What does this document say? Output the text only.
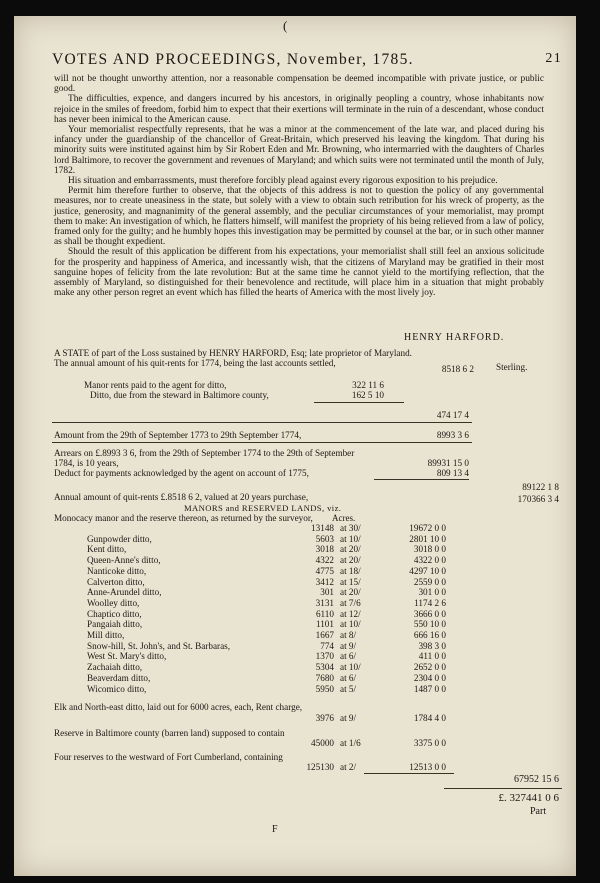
(
VOTES AND PROCEEDINGS, November, 1785.	21

will not be thought unworthy attention, nor a reasonable compensation be deemed incompatible with private justice, or public good.

The difficulties, expence, and dangers incurred by his ancestors, in originally peopling a country, whose inhabitants now rejoice in the smiles of freedom, forbid him to expect that their exertions will terminate in the ruin of a descendant, whose conduct has never been inimical to the American cause.

Your memorialist respectfully represents, that he was a minor at the commencement of the late war, and placed during his infancy under the guardianship of the chancellor of Great-Britain, which preserved his leaving the kingdom. That during his minority suits were instituted against him by Sir Robert Eden and Mr. Browning, who intermarried with the daughters of Charles lord Baltimore, to recover the government and revenues of Maryland; and which suits were not terminated until the month of July, 1782.

His situation and embarrassments, must therefore forcibly plead against every rigorous exposition to his prejudice.

Permit him therefore further to observe, that the objects of this address is not to question the policy of any governmental measures, nor to create uneasiness in the state, but solely with a view to obtain such retribution for his wreck of property, as the justice, generosity, and magnanimity of the general assembly, and the peculiar circumstances of your memorialist, may prompt them to make: An investigation of which, he flatters himself, will manifest the propriety of his being relieved from a law of policy, framed only for the guilty; and he humbly hopes this investigation may be permitted by counsel at the bar, or in such other manner as shall be thought expedient.

Should the result of this application be different from his expectations, your memorialist shall still feel an anxious solicitude for the prosperity and happiness of America, and incessantly wish, that the citizens of Maryland may be gratified in their most sanguine hopes of felicity from the late revolution: But at the same time he cannot yield to the mortifying reflection, that the assembly of Maryland, so distinguished for their benevolence and rectitude, will place him in a situation that might probably make any other person regret an event which has filled the hearts of America with the most lively joy.

HENRY HARFORD.
A STATE of part of the Loss sustained by HENRY HARFORD, Esq; late proprietor of Maryland.
The annual amount of his quit-rents for 1774, being the last accounts settled,
8518 6 2 Sterling.
Manor rents paid to the agent for ditto,	322 11 6
Ditto, due from the steward in Baltimore county,	162 5 10
474 17 4
Amount from the 29th of September 1773 to 29th September 1774,	8993 3 6
Arrears on £.8993 3 6, from the 29th of September 1774 to the 29th of September 1784, is 10 years,	89931 15 0
Deduct for payments acknowledged by the agent on account of 1775,	809 13 4
89122 1 8
Annual amount of quit-rents £.8518 6 2, valued at 20 years purchase,	170366 3 4
MANORS and RESERVED LANDS, viz.
Monocacy manor and the reserve thereon, as returned by the surveyor, Acres.
13148 at 30/	19672 0 0
Gunpowder ditto,	5603 at 10/	2801 10 0
Kent ditto,	3018 at 20/	3018 0 0
Queen-Anne's ditto,	4322 at 20/	4322 0 0
Nanticoke ditto,	4775 at 18/	4297 10 0
Calverton ditto,	3412 at 15/	2559 0 0
Anne-Arundel ditto,	301 at 20/	301 0 0
Woolley ditto,	3131 at 7/6	1174 2 6
Chaptico ditto,	6110 at 12/	3666 0 0
Pangaiah ditto,	1101 at 10/	550 10 0
Mill ditto,	1667 at 8/	666 16 0
Snow-hill, St. John's, and St. Barbaras,	774 at 9/	398 3 0
West St. Mary's ditto,	1370 at 6/	411 0 0
Zachaiah ditto,	5304 at 10/	2652 0 0
Beaverdam ditto,	7680 at 6/	2304 0 0
Wicomico ditto,	5950 at 5/	1487 0 0
Elk and North-east ditto, laid out for 6000 acres, each, Rent charge,
3976 at 9/	1784 4 0
Reserve in Baltimore county (barren land) supposed to contain
45000 at 1/6	3375 0 0
Four reserves to the westward of Fort Cumberland, containing
125130 at 2/	12513 0 0
67952 15 6
£. 327441 0 6
Part
F
